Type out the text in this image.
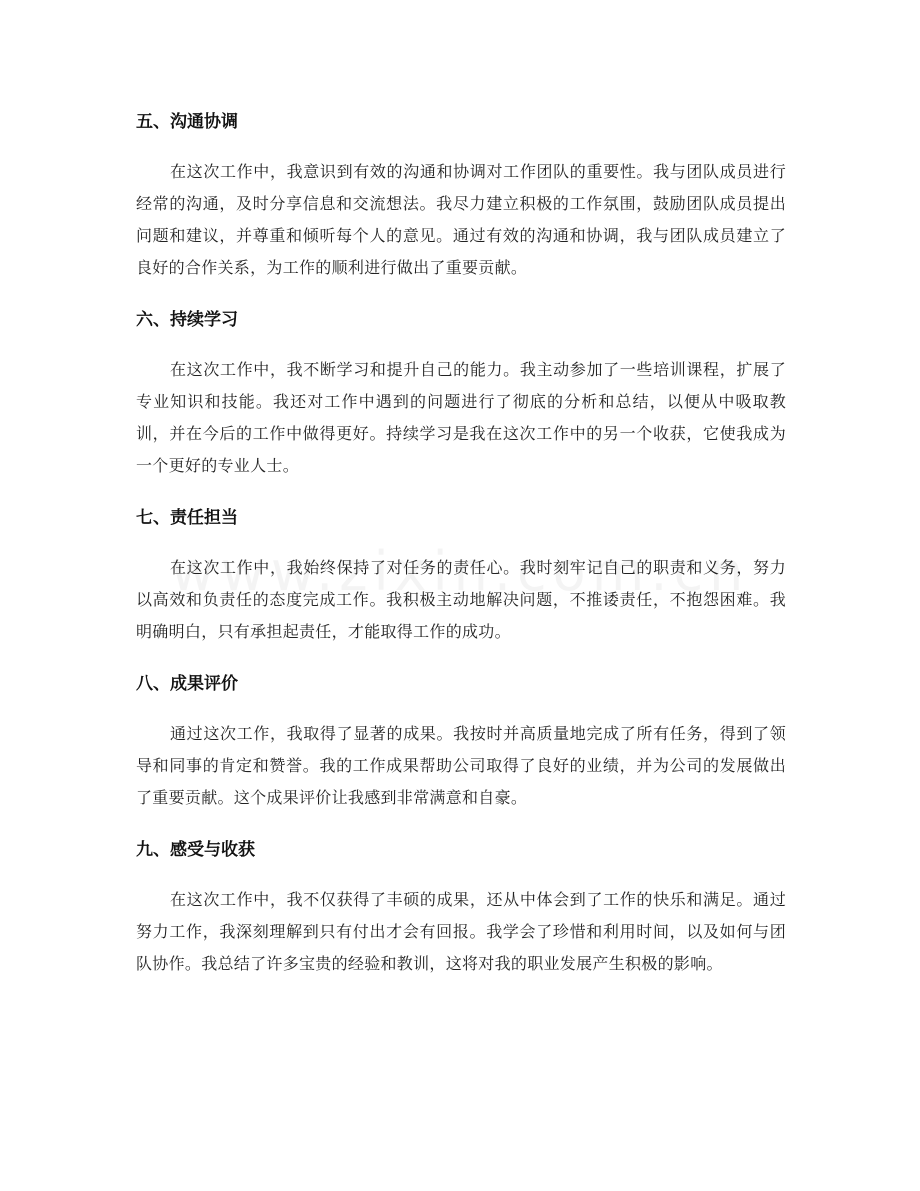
五、沟通协调

在这次工作中，我意识到有效的沟通和协调对工作团队的重要性。我与团队成员进行经常的沟通，及时分享信息和交流想法。我尽力建立积极的工作氛围，鼓励团队成员提出问题和建议，并尊重和倾听每个人的意见。通过有效的沟通和协调，我与团队成员建立了良好的合作关系，为工作的顺利进行做出了重要贡献。

六、持续学习

在这次工作中，我不断学习和提升自己的能力。我主动参加了一些培训课程，扩展了专业知识和技能。我还对工作中遇到的问题进行了彻底的分析和总结，以便从中吸取教训，并在今后的工作中做得更好。持续学习是我在这次工作中的另一个收获，它使我成为一个更好的专业人士。

七、责任担当

在这次工作中，我始终保持了对任务的责任心。我时刻牢记自己的职责和义务，努力以高效和负责任的态度完成工作。我积极主动地解决问题，不推诿责任，不抱怨困难。我明确明白，只有承担起责任，才能取得工作的成功。

八、成果评价

通过这次工作，我取得了显著的成果。我按时并高质量地完成了所有任务，得到了领导和同事的肯定和赞誉。我的工作成果帮助公司取得了良好的业绩，并为公司的发展做出了重要贡献。这个成果评价让我感到非常满意和自豪。

九、感受与收获

在这次工作中，我不仅获得了丰硕的成果，还从中体会到了工作的快乐和满足。通过努力工作，我深刻理解到只有付出才会有回报。我学会了珍惜和利用时间，以及如何与团队协作。我总结了许多宝贵的经验和教训，这将对我的职业发展产生积极的影响。
